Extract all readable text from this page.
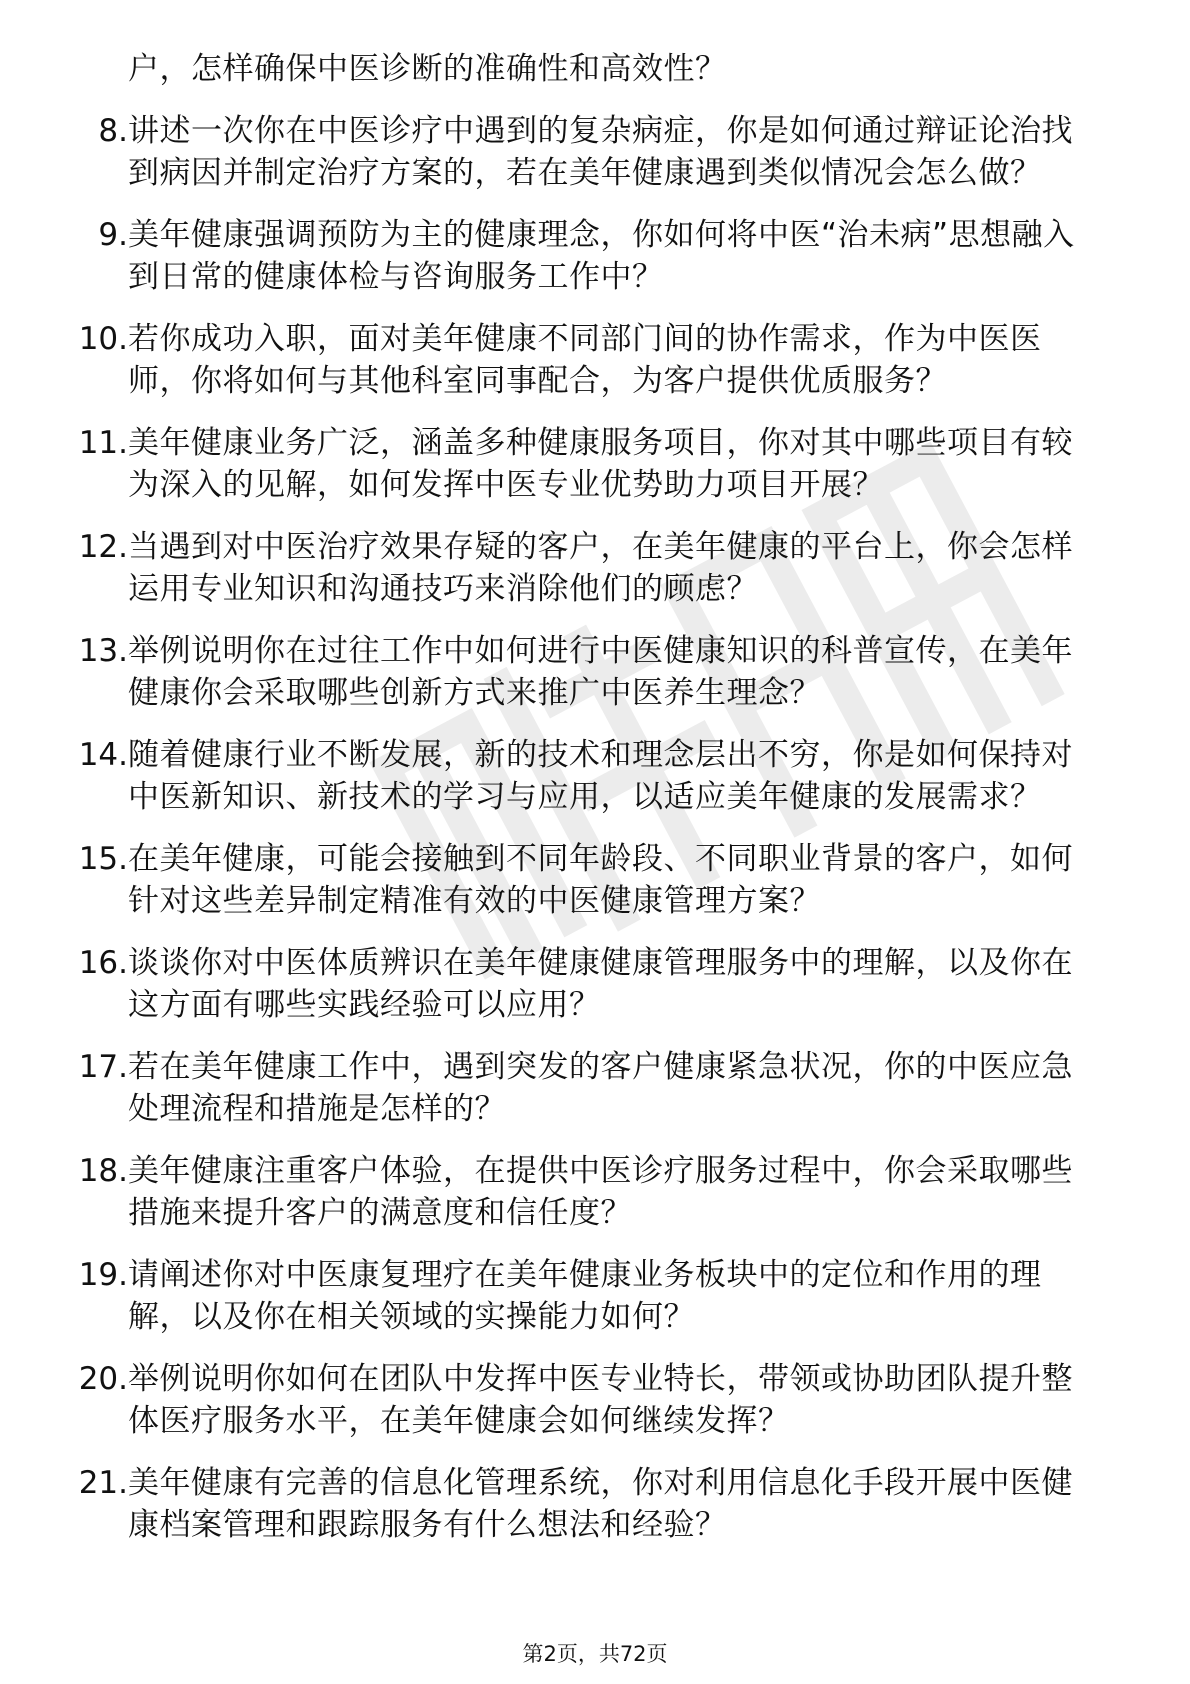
户，怎样确保中医诊断的准确性和高效性？
8. 讲述一次你在中医诊疗中遇到的复杂病症，你是如何通过辩证论治找到病因并制定治疗方案的，若在美年健康遇到类似情况会怎么做？
9. 美年健康强调预防为主的健康理念，你如何将中医“治未病”思想融入到日常的健康体检与咨询服务工作中？
10. 若你成功入职，面对美年健康不同部门间的协作需求，作为中医医师，你将如何与其他科室同事配合，为客户提供优质服务？
11. 美年健康业务广泛，涵盖多种健康服务项目，你对其中哪些项目有较为深入的见解，如何发挥中医专业优势助力项目开展？
12. 当遇到对中医治疗效果存疑的客户，在美年健康的平台上，你会怎样运用专业知识和沟通技巧来消除他们的顾虑？
13. 举例说明你在过往工作中如何进行中医健康知识的科普宣传，在美年健康你会采取哪些创新方式来推广中医养生理念？
14. 随着健康行业不断发展，新的技术和理念层出不穷，你是如何保持对中医新知识、新技术的学习与应用，以适应美年健康的发展需求？
15. 在美年健康，可能会接触到不同年龄段、不同职业背景的客户，如何针对这些差异制定精准有效的中医健康管理方案？
16. 谈谈你对中医体质辨识在美年健康健康管理服务中的理解，以及你在这方面有哪些实践经验可以应用？
17. 若在美年健康工作中，遇到突发的客户健康紧急状况，你的中医应急处理流程和措施是怎样的？
18. 美年健康注重客户体验，在提供中医诊疗服务过程中，你会采取哪些措施来提升客户的满意度和信任度？
19. 请阐述你对中医康复理疗在美年健康业务板块中的定位和作用的理解，以及你在相关领域的实操能力如何？
20. 举例说明你如何在团队中发挥中医专业特长，带领或协助团队提升整体医疗服务水平，在美年健康会如何继续发挥？
21. 美年健康有完善的信息化管理系统，你对利用信息化手段开展中医健康档案管理和跟踪服务有什么想法和经验？
第2页，共72页
